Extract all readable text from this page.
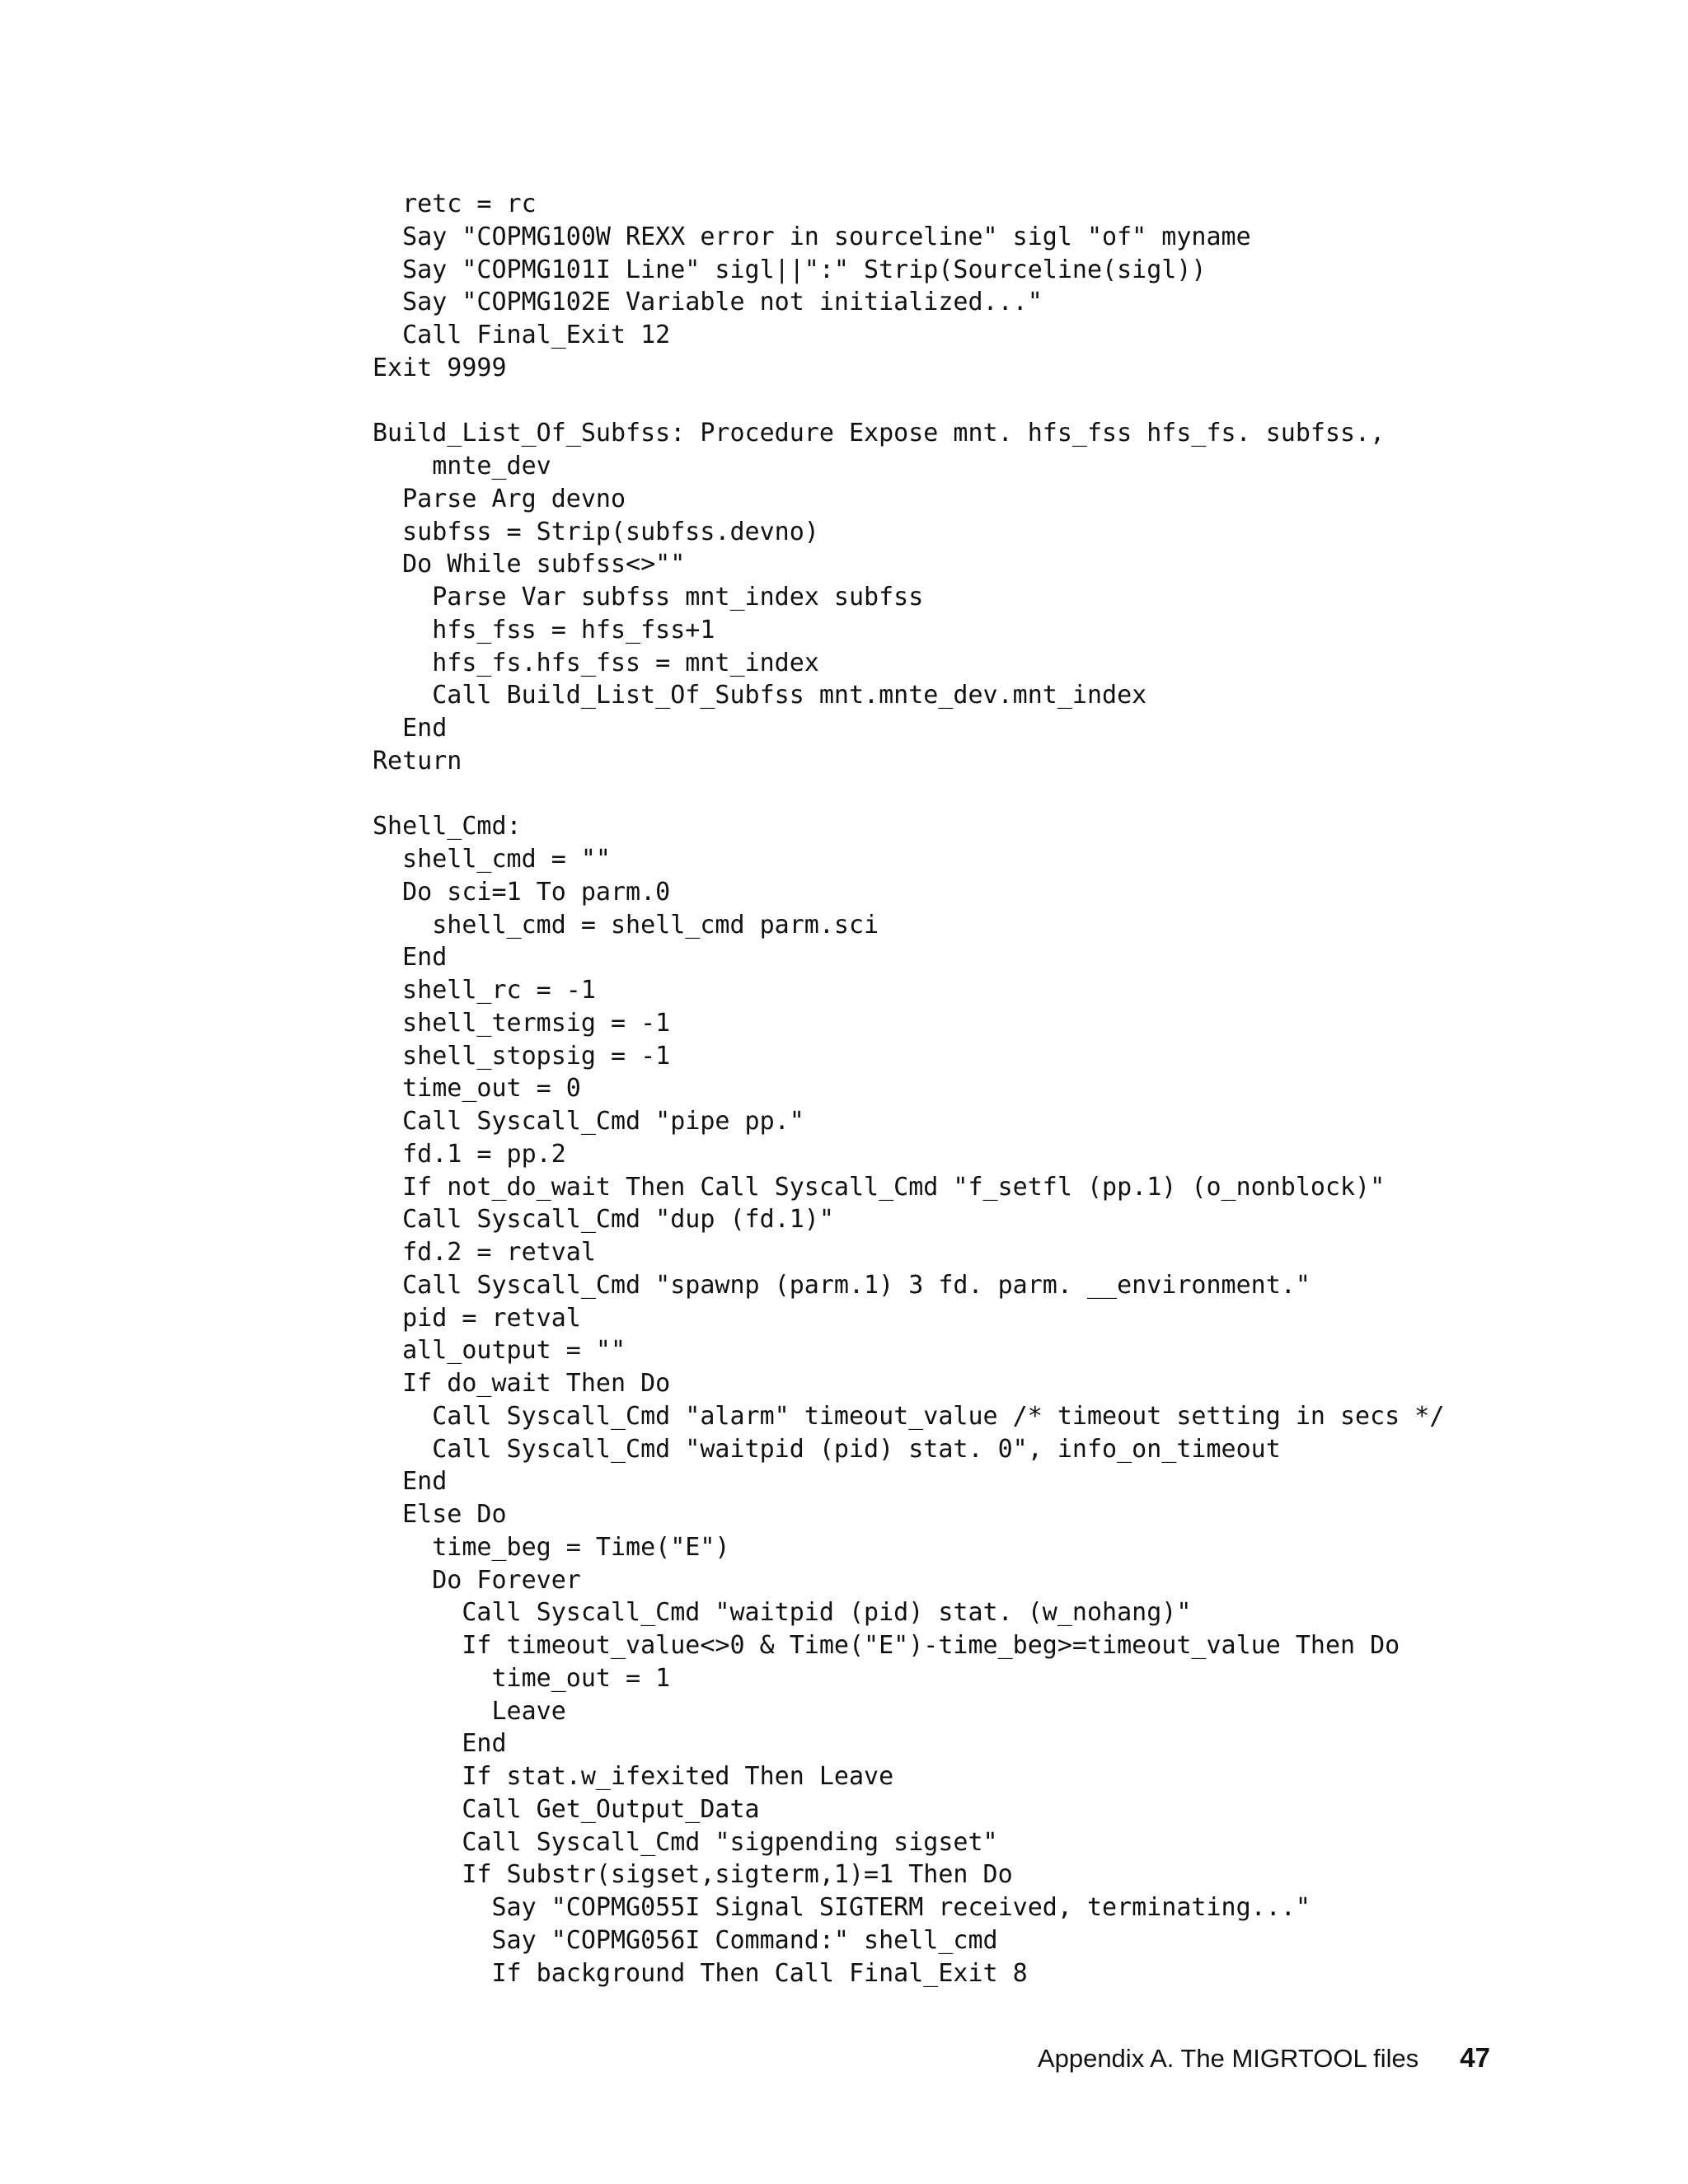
retc = rc
Say "COPMG100W REXX error in sourceline" sigl "of" myname
Say "COPMG101I Line" sigl||":" Strip(Sourceline(sigl))
Say "COPMG102E Variable not initialized..."
Call Final_Exit 12
Exit 9999
Build_List_Of_Subfss: Procedure Expose mnt. hfs_fss hfs_fs. subfss.,
mnte_dev
Parse Arg devno
subfss = Strip(subfss.devno)
Do While subfss<>""
Parse Var subfss mnt_index subfss
hfs_fss = hfs_fss+1
hfs_fs.hfs_fss = mnt_index
Call Build_List_Of_Subfss mnt.mnte_dev.mnt_index
End
Return
Shell_Cmd:
shell_cmd = ""
Do sci=1 To parm.0
shell_cmd = shell_cmd parm.sci
End
shell_rc = -1
shell_termsig = -1
shell_stopsig = -1
time_out = 0
Call Syscall_Cmd "pipe pp."
fd.1 = pp.2
If not_do_wait Then Call Syscall_Cmd "f_setfl (pp.1) (o_nonblock)"
Call Syscall_Cmd "dup (fd.1)"
fd.2 = retval
Call Syscall_Cmd "spawnp (parm.1) 3 fd. parm. __environment."
pid = retval
all_output = ""
If do_wait Then Do
Call Syscall_Cmd "alarm" timeout_value /* timeout setting in secs */
Call Syscall_Cmd "waitpid (pid) stat. 0", info_on_timeout
End
Else Do
time_beg = Time("E")
Do Forever
Call Syscall_Cmd "waitpid (pid) stat. (w_nohang)"
If timeout_value<>0 & Time("E")-time_beg>=timeout_value Then Do
time_out = 1
Leave
End
If stat.w_ifexited Then Leave
Call Get_Output_Data
Call Syscall_Cmd "sigpending sigset"
If Substr(sigset,sigterm,1)=1 Then Do
Say "COPMG055I Signal SIGTERM received, terminating..."
Say "COPMG056I Command:" shell_cmd
If background Then Call Final_Exit 8
Appendix A. The MIGRTOOL files 47
